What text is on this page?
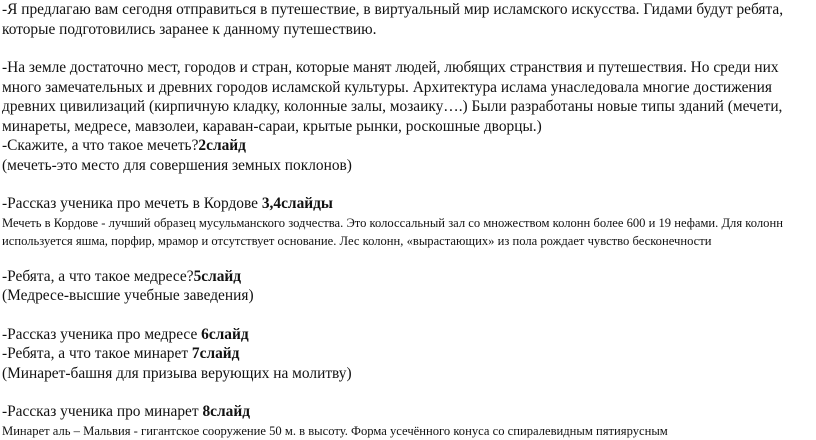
-Я предлагаю вам сегодня отправиться в путешествие, в виртуальный мир исламского искусства. Гидами будут ребята, которые подготовились заранее к данному путешествию.

-На земле достаточно мест, городов и стран, которые манят людей, любящих странствия и путешествия. Но среди них много замечательных и древних городов исламской культуры. Архитектура ислама унаследовала многие достижения древних цивилизаций (кирпичную кладку, колонные залы, мозаику….) Были разработаны новые типы зданий (мечети, минареты, медресе, мавзолеи, караван-сараи, крытые рынки, роскошные дворцы.)

-Скажите, а что такое мечеть?2слайд

(мечеть-это место для совершения земных поклонов)

-Рассказ ученика про мечеть в Кордове 3,4слайды

Мечеть в Кордове - лучший образец мусульманского зодчества. Это колоссальный зал со множеством колонн более 600 и 19 нефами. Для колонн используется яшма, порфир, мрамор и отсутствует основание. Лес колонн, «вырастающих» из пола рождает чувство бесконечности

-Ребята, а что такое медресе?5слайд

(Медресе-высшие учебные заведения)

-Рассказ ученика про медресе 6слайд

-Ребята, а что такое минарет 7слайд

(Минарет-башня для призыва верующих на молитву)

-Рассказ ученика про минарет 8слайд

Минарет аль – Мальвия - гигантское сооружение 50 м. в высоту. Форма усечённого конуса со спиралевидным пятиярусным
